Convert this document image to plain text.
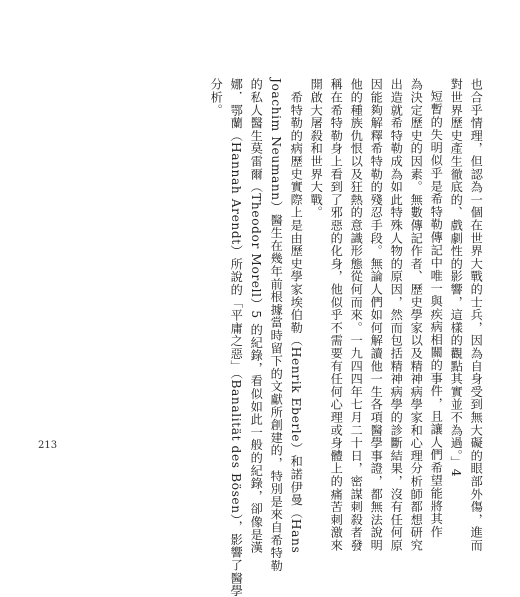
也合乎情理，但認為一個在世界大戰的士兵，因為自身受到無大礙的眼部外傷，進而
對世界歷史產生徹底的、戲劇性的影響，這樣的觀點其實並不為過。」4
短暫的失明似乎是希特勒傳記中唯一與疾病相關的事件，且讓人們希望能將其作
為決定歷史的因素。無數傳記作者、歷史學家以及精神病學家和心理分析師都想研究
出造就希特勒成為如此特殊人物的原因，然而包括精神病學的診斷結果，沒有任何原
因能夠解釋希特勒的殘忍手段。無論人們如何解讀他一生各項醫學事證，都無法說明
他的種族仇恨以及狂熱的意識形態從何而來。一九四四年七月二十日，密謀刺殺者發
稱在希特勒身上看到了邪惡的化身，他似乎不需要有任何心理或身體上的痛苦刺激來
開啟大屠殺和世界大戰。
　希特勒的病歷史實際上是由歷史學家埃伯勒（Henrik Eberle）和諾伊曼（Hans
Joachim Neumann）醫生在幾年前根據當時留下的文獻所創建的，特別是來自希特勒
的私人醫生莫雷爾（Theodor Morell）5 的紀錄，看似如此一般的紀錄，卻像是漢
娜．鄂蘭（Hannah Arendt）所說的「平庸之惡」（Banalität des Bösen），影響了醫學
分析。
213
